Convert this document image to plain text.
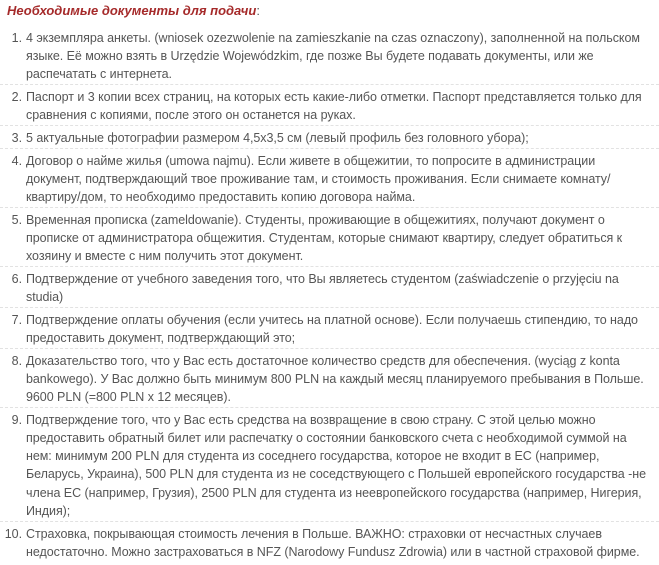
Необходимые документы для подачи:
1 . 4 экземпляра анкеты. (wniosek ozezwolenie na zamieszkanie na czas oznaczony), заполненной на польском языке. Её можно взять в Urzędzie Wojewódzkim, где позже Вы будете подавать документы, или же распечатать с интернета.
2 . Паспорт и 3 копии всех страниц, на которых есть какие-либо отметки. Паспорт представляется только для сравнения с копиями, после этого он останется на руках.
3 . 5 актуальные фотографии размером 4,5х3,5 см (левый профиль без головного убора);
4 . Договор о найме жилья (umowa najmu). Если живете в общежитии, то попросите в администрации документ, подтверждающий твое проживание там, и стоимость проживания. Если снимаете комнату/квартиру/дом, то необходимо предоставить копию договора найма.
5 . Временная прописка (zameldowanie). Студенты, проживающие в общежитиях, получают документ о прописке от администратора общежития. Студентам, которые снимают квартиру, следует обратиться к хозяину и вместе с ним получить этот документ.
6 . Подтверждение от учебного заведения того, что Вы являетесь студентом (zaświadczenie o przyjęciu na studia)
7 . Подтверждение оплаты обучения (если учитесь на платной основе). Если получаешь стипендию, то надо предоставить документ, подтверждающий это;
8 . Доказательство того, что у Вас есть достаточное количество средств для обеспечения. (wyciąg z konta bankowego). У Вас должно быть минимум 800 PLN на каждый месяц планируемого пребывания в Польше. 9600 PLN (=800 PLN х 12 месяцев).
9 . Подтверждение того, что у Вас есть средства на возвращение в свою страну. С этой целью можно предоставить обратный билет или распечатку о состоянии банковского счета с необходимой суммой на нем: минимум 200 PLN для студента из соседнего государства, которое не входит в ЕС (например, Беларусь, Украина), 500 PLN для студента из не соседствующего с Польшей европейского государства -не члена ЕС (например, Грузия), 2500 PLN для студента из неевропейского государства (например, Нигерия, Индия);
10 . Страховка, покрывающая стоимость лечения в Польше. ВАЖНО: страховки от несчастных случаев недостаточно. Можно застраховаться в NFZ (Narodowy Fundusz Zdrowia) или в частной страховой фирме.
